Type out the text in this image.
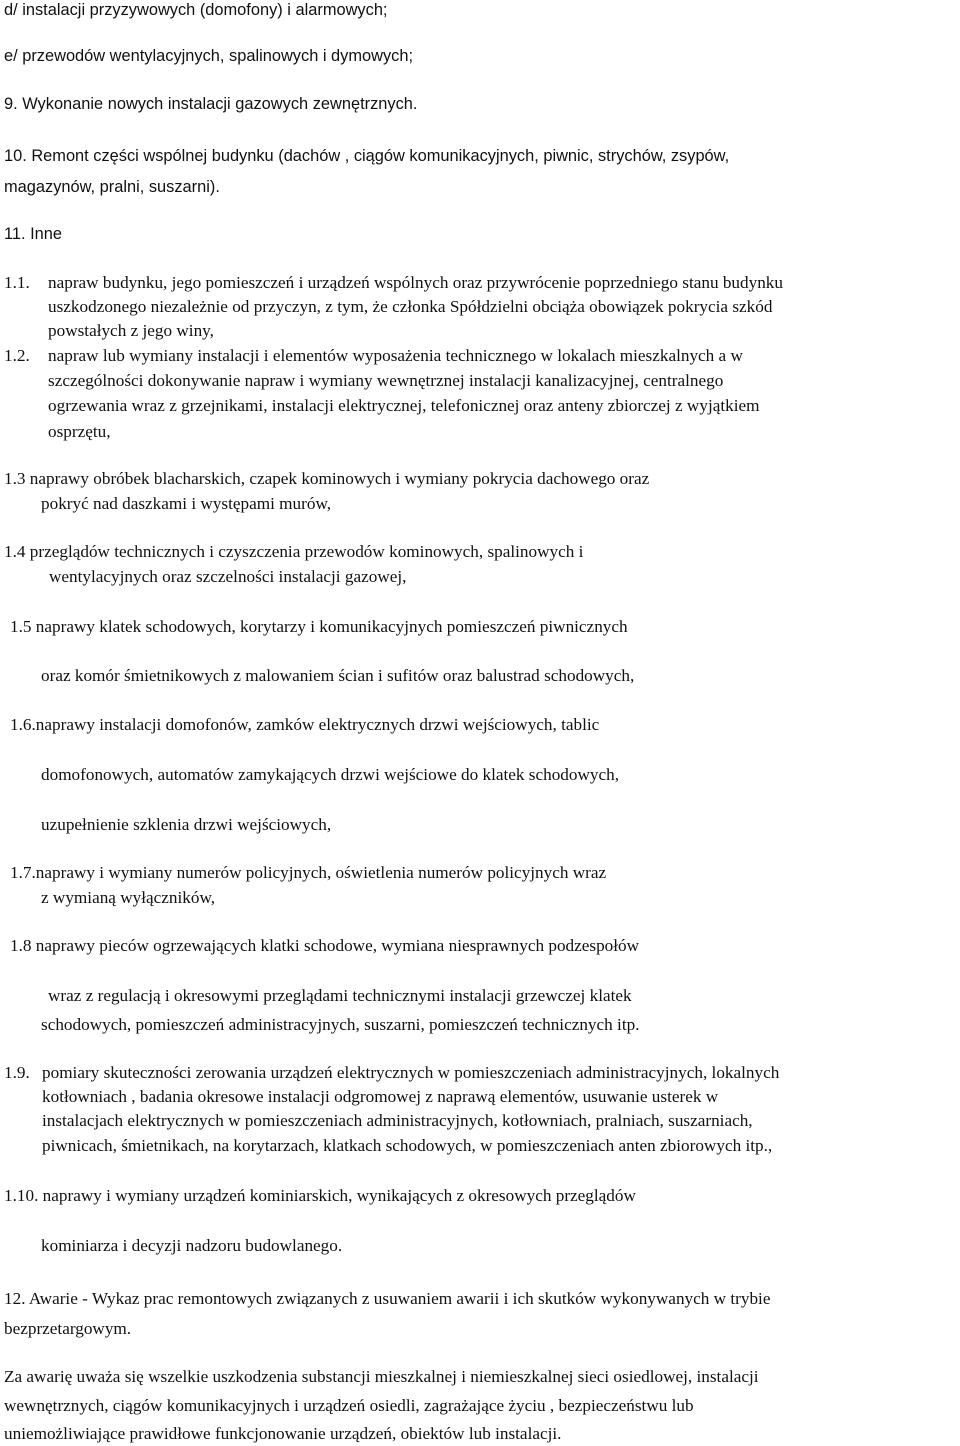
d/ instalacji przyzywowych (domofony) i alarmowych;
e/ przewodów wentylacyjnych, spalinowych i dymowych;
9. Wykonanie nowych instalacji gazowych zewnętrznych.
10. Remont części wspólnej budynku (dachów , ciągów komunikacyjnych, piwnic, strychów, zsypów,
magazynów, pralni, suszarni).
11. Inne
1.1. napraw budynku, jego pomieszczeń i urządzeń wspólnych oraz przywrócenie poprzedniego stanu budynku
uszkodzonego niezależnie od przyczyn, z tym, że członka Spółdzielni obciąża obowiązek pokrycia szkód
powstałych z jego winy,
1.2. napraw lub wymiany instalacji i elementów wyposażenia technicznego w lokalach mieszkalnych a w
szczególności dokonywanie napraw i wymiany wewnętrznej instalacji kanalizacyjnej, centralnego
ogrzewania wraz z grzejnikami, instalacji elektrycznej, telefonicznej oraz anteny zbiorczej z wyjątkiem
osprzętu,
1.3 naprawy obróbek blacharskich, czapek kominowych i wymiany pokrycia dachowego oraz
pokryć nad daszkami i występami murów,
1.4 przeglądów technicznych i czyszczenia przewodów kominowych, spalinowych i
wentylacyjnych oraz szczelności instalacji gazowej,
1.5 naprawy klatek schodowych, korytarzy i komunikacyjnych pomieszczeń piwnicznych
oraz komór śmietnikowych z malowaniem ścian i sufitów oraz balustrad schodowych,
1.6.naprawy instalacji domofonów, zamków elektrycznych drzwi wejściowych, tablic
domofonowych, automatów zamykających drzwi wejściowe do klatek schodowych,
uzupełnienie szklenia drzwi wejściowych,
1.7.naprawy i wymiany numerów policyjnych, oświetlenia numerów policyjnych wraz
z wymianą wyłączników,
1.8 naprawy pieców ogrzewających klatki schodowe, wymiana niesprawnych podzespołów
wraz z regulacją i okresowymi przeglądami technicznymi instalacji grzewczej klatek
schodowych, pomieszczeń administracyjnych, suszarni, pomieszczeń technicznych itp.
1.9. pomiary skuteczności zerowania urządzeń elektrycznych w pomieszczeniach administracyjnych, lokalnych
kotłowniach , badania okresowe instalacji odgromowej z naprawą elementów, usuwanie usterek w
instalacjach elektrycznych w pomieszczeniach administracyjnych, kotłowniach, pralniach, suszarniach,
piwnicach, śmietnikach, na korytarzach, klatkach schodowych, w pomieszczeniach anten zbiorowych itp.,
1.10. naprawy i wymiany urządzeń kominiarskich, wynikających z okresowych przeglądów
kominiarza i decyzji nadzoru budowlanego.
12. Awarie - Wykaz prac remontowych związanych z usuwaniem awarii i ich skutków wykonywanych w trybie
bezprzetargowym.
Za awarię uważa się wszelkie uszkodzenia substancji mieszkalnej i niemieszkalnej sieci osiedlowej, instalacji
wewnętrznych, ciągów komunikacyjnych i urządzeń osiedli, zagrażające życiu , bezpieczeństwu lub
uniemożliwiające prawidłowe funkcjonowanie urządzeń, obiektów lub instalacji.
